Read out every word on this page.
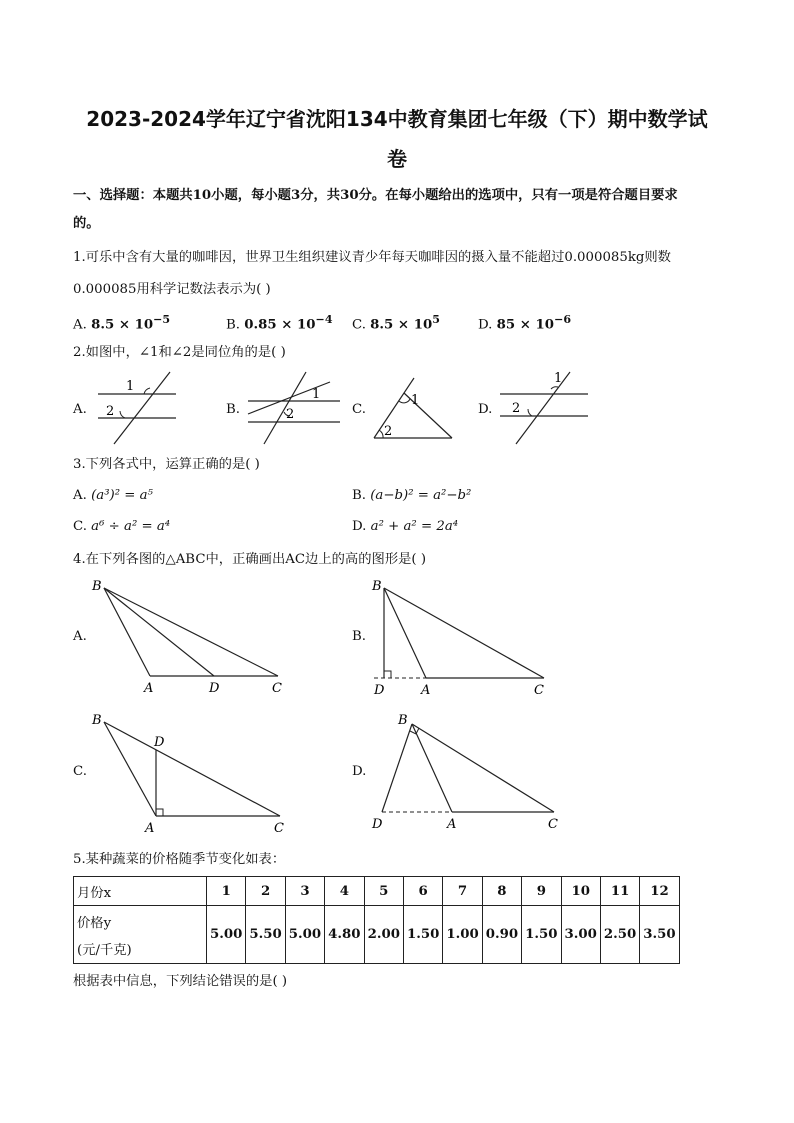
2023-2024学年辽宁省沈阳134中教育集团七年级（下）期中数学试
卷
一、选择题：本题共10小题，每小题3分，共30分。在每小题给出的选项中，只有一项是符合题目要求
的。
1.可乐中含有大量的咖啡因，世界卫生组织建议青少年每天咖啡因的摄入量不能超过0.000085kg则数
0.000085用科学记数法表示为( )
A. $8.5 \times 10^{-5}$	B. $0.85 \times 10^{-4}$ C. $8.5 \times 10^5$	D. $85 \times 10^{-6}$
2.如图中，∠1和∠2是同位角的是( )
A.
1
2	B.
1
2	C.
1
2
D.
1
2
3.下列各式中，运算正确的是( )
A. (a³)² = a⁵	B. (a−b)² = a²−b²
C. a⁶ ÷ a² = a⁴	D. a² + a² = 2a⁴
4.在下列各图的△ABC中，正确画出AC边上的高的图形是( )
A.
B
A	D	C
B.
B
D	A	C
C.
B
D
A	C
D.
B
D	A	C
5.某种蔬菜的价格随季节变化如表：
月份x	1	2	3	4	5	6	7	8	9	10	11	12

价格y
(元/千克)	5.00	5.50	5.00	4.80	2.00	1.50	1.00	0.90	1.50	3.00	2.50	3.50
根据表中信息，下列结论错误的是( )
